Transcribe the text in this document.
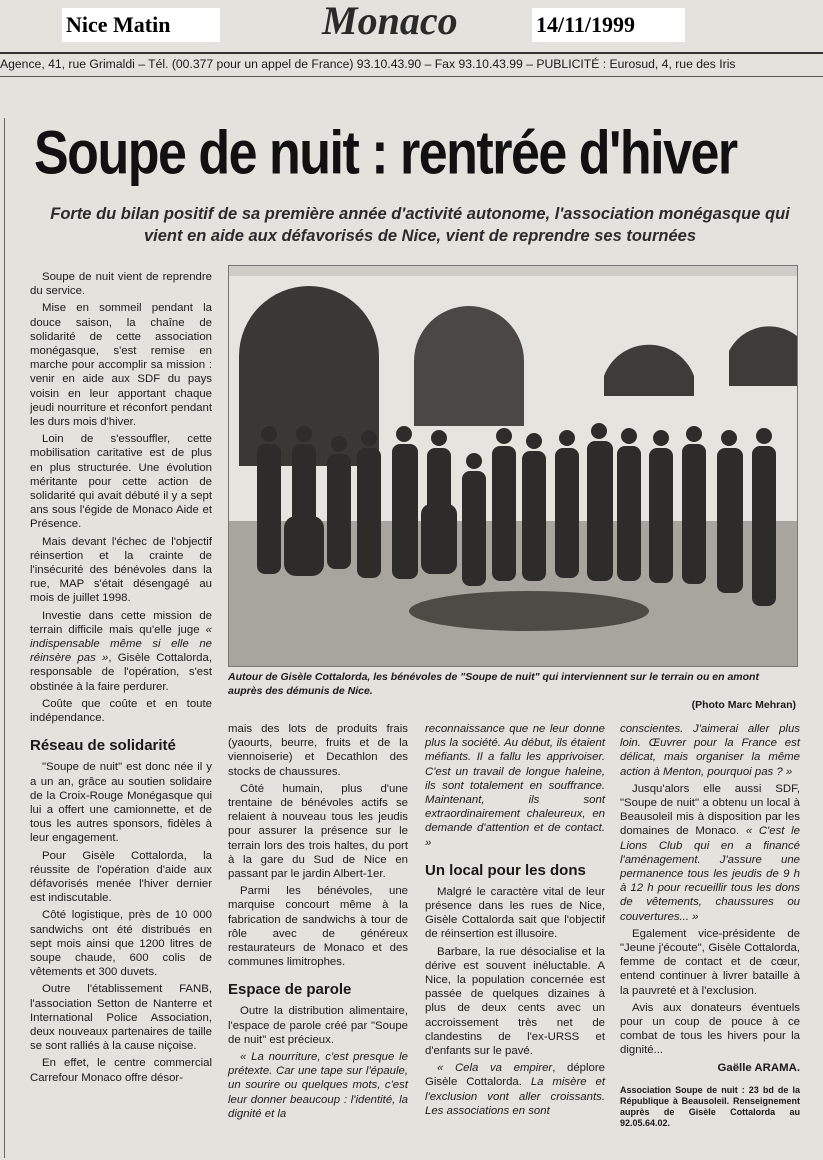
Nice Matin	Monaco	14/11/1999
Agence, 41, rue Grimaldi – Tél. (00.377 pour un appel de France) 93.10.43.90 – Fax 93.10.43.99 – PUBLICITÉ : Eurosud, 4, rue des Iris
Soupe de nuit : rentrée d'hiver
Forte du bilan positif de sa première année d'activité autonome, l'association monégasque qui vient en aide aux défavorisés de Nice, vient de reprendre ses tournées
Autour de Gisèle Cottalorda, les bénévoles de "Soupe de nuit" qui interviennent sur le terrain ou en amont auprès des démunis de Nice.
(Photo Marc Mehran)

Soupe de nuit vient de reprendre du service.

Mise en sommeil pendant la douce saison, la chaîne de solidarité de cette association monégasque, s'est remise en marche pour accomplir sa mission : venir en aide aux SDF du pays voisin en leur apportant chaque jeudi nourriture et réconfort pendant les durs mois d'hiver.

Loin de s'essouffler, cette mobilisation caritative est de plus en plus structurée. Une évolution méritante pour cette action de solidarité qui avait débuté il y a sept ans sous l'égide de Monaco Aide et Présence.

Mais devant l'échec de l'objectif réinsertion et la crainte de l'insécurité des bénévoles dans la rue, MAP s'était désengagé au mois de juillet 1998.

Investie dans cette mission de terrain difficile mais qu'elle juge « indispensable même si elle ne réinsère pas », Gisèle Cottalorda, responsable de l'opération, s'est obstinée à la faire perdurer.

Coûte que coûte et en toute indépendance.

Réseau de solidarité

"Soupe de nuit" est donc née il y a un an, grâce au soutien solidaire de la Croix-Rouge Monégasque qui lui a offert une camionnette, et de tous les autres sponsors, fidèles à leur engagement.

Pour Gisèle Cottalorda, la réussite de l'opération d'aide aux défavorisés menée l'hiver dernier est indiscutable.

Côté logistique, près de 10 000 sandwichs ont été distribués en sept mois ainsi que 1200 litres de soupe chaude, 600 colis de vêtements et 300 duvets.

Outre l'établissement FANB, l'association Setton de Nanterre et International Police Association, deux nouveaux partenaires de taille se sont ralliés à la cause niçoise.

En effet, le centre commercial Carrefour Monaco offre désor-

mais des lots de produits frais (yaourts, beurre, fruits et de la viennoiserie) et Decathlon des stocks de chaussures.

Côté humain, plus d'une trentaine de bénévoles actifs se relaient à nouveau tous les jeudis pour assurer la présence sur le terrain lors des trois haltes, du port à la gare du Sud de Nice en passant par le jardin Albert-1er.

Parmi les bénévoles, une marquise concourt même à la fabrication de sandwichs à tour de rôle avec de généreux restaurateurs de Monaco et des communes limitrophes.

Espace de parole

Outre la distribution alimentaire, l'espace de parole créé par "Soupe de nuit" est précieux.

« La nourriture, c'est presque le prétexte. Car une tape sur l'épaule, un sourire ou quelques mots, c'est leur donner beaucoup : l'identité, la dignité et la

reconnaissance que ne leur donne plus la société. Au début, ils étaient méfiants. Il a fallu les apprivoiser. C'est un travail de longue haleine, ils sont totalement en souffrance. Maintenant, ils sont extraordinairement chaleureux, en demande d'attention et de contact. »

Un local pour les dons

Malgré le caractère vital de leur présence dans les rues de Nice, Gisèle Cottalorda sait que l'objectif de réinsertion est illusoire.

Barbare, la rue désocialise et la dérive est souvent inéluctable. A Nice, la population concernée est passée de quelques dizaines à plus de deux cents avec un accroissement très net de clandestins de l'ex-URSS et d'enfants sur le pavé.

« Cela va empirer, déplore Gisèle Cottalorda. La misère et l'exclusion vont aller croissants. Les associations en sont

conscientes. J'aimerai aller plus loin. Œuvrer pour la France est délicat, mais organiser la même action à Menton, pourquoi pas ? »

Jusqu'alors elle aussi SDF, "Soupe de nuit" a obtenu un local à Beausoleil mis à disposition par les domaines de Monaco. « C'est le Lions Club qui en a financé l'aménagement. J'assure une permanence tous les jeudis de 9 h à 12 h pour recueillir tous les dons de vêtements, chaussures ou couvertures... »

Egalement vice-présidente de "Jeune j'écoute", Gisèle Cottalorda, femme de contact et de cœur, entend continuer à livrer bataille à la pauvreté et à l'exclusion.

Avis aux donateurs éventuels pour un coup de pouce à ce combat de tous les hivers pour la dignité...

Gaëlle ARAMA.

Association Soupe de nuit : 23 bd de la République à Beausoleil. Renseignement auprès de Gisèle Cottalorda au 92.05.64.02.
